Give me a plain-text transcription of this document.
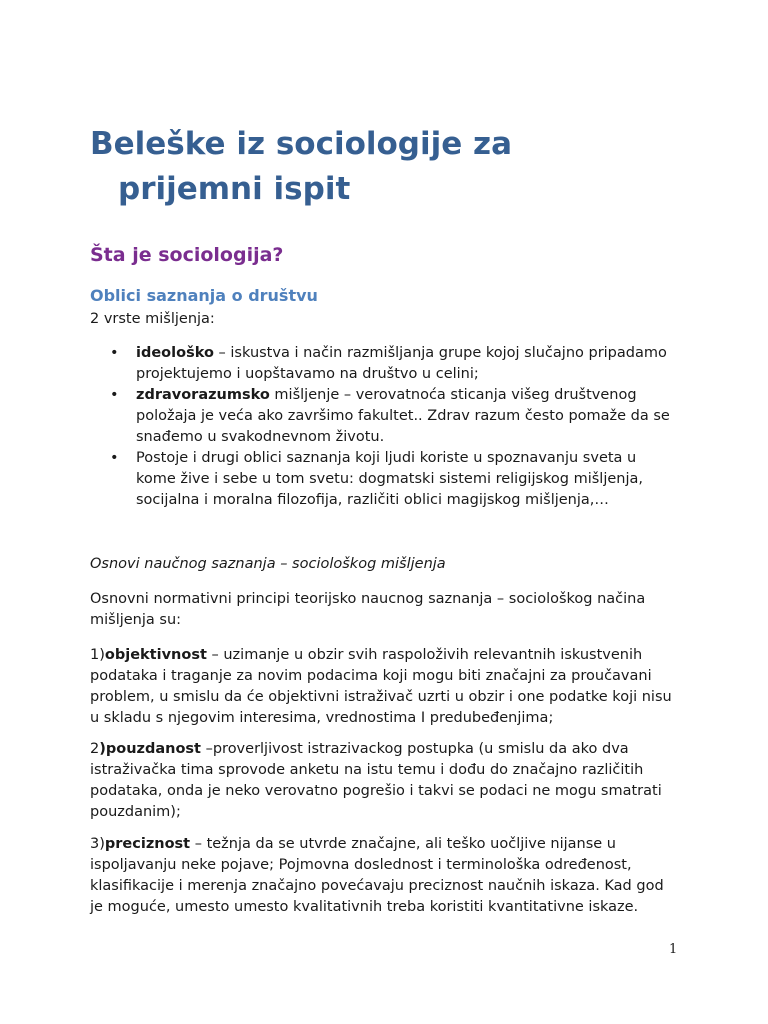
Beleške iz sociologije za
prijemni ispit
Šta je sociologija?
Oblici saznanja o društvu

2 vrste mišljenja:

• ideološko – iskustva i način razmišljanja grupe kojoj slučajno pripadamo projektujemo i uopštavamo na društvo u celini;
• zdravorazumsko mišljenje – verovatnoća sticanja višeg društvenog položaja je veća ako završimo fakultet.. Zdrav razum često pomaže da se snađemo u svakodnevnom životu.
• Postoje i drugi oblici saznanja koji ljudi koriste u spoznavanju sveta u kome žive i sebe u tom svetu: dogmatski sistemi religijskog mišljenja, socijalna i moralna filozofija, različiti oblici magijskog mišljenja,…

Osnovi naučnog saznanja – sociološkog mišljenja

Osnovni normativni principi teorijsko naucnog saznanja – sociološkog načina mišljenja su:

1)objektivnost – uzimanje u obzir svih raspoloživih relevantnih iskustvenih podataka i traganje za novim podacima koji mogu biti značajni za proučavani problem, u smislu da će objektivni istraživač uzrti u obzir i one podatke koji nisu u skladu s njegovim interesima, vrednostima I predubeđenjima;

2)pouzdanost –proverljivost istrazivackog postupka (u smislu da ako dva istraživačka tima sprovode anketu na istu temu i dođu do značajno različitih podataka, onda je neko verovatno pogrešio i takvi se podaci ne mogu smatrati pouzdanim);

3)preciznost – težnja da se utvrde značajne, ali teško uočljive nijanse u ispoljavanju neke pojave; Pojmovna doslednost i terminološka određenost, klasifikacije i merenja značajno povećavaju preciznost naučnih iskaza. Kad god je moguće, umesto umesto kvalitativnih treba koristiti kvantitativne iskaze.

1
